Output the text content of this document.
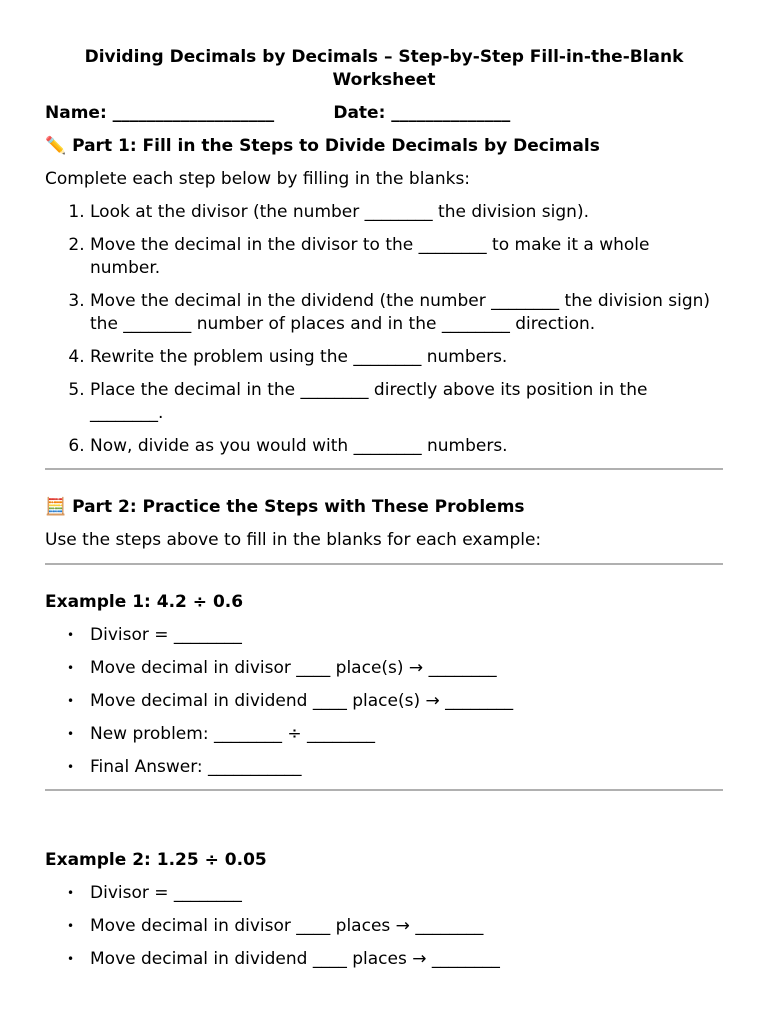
Dividing Decimals by Decimals – Step-by-Step Fill-in-the-Blank
Worksheet
Name: ___________________          Date: ______________
✏️ Part 1: Fill in the Steps to Divide Decimals by Decimals
Complete each step below by filling in the blanks:
1. Look at the divisor (the number ________ the division sign).
2. Move the decimal in the divisor to the ________ to make it a whole number.
3. Move the decimal in the dividend (the number ________ the division sign) the ________ number of places and in the ________ direction.
4. Rewrite the problem using the ________ numbers.
5. Place the decimal in the ________ directly above its position in the ________.
6. Now, divide as you would with ________ numbers.
🧮 Part 2: Practice the Steps with These Problems
Use the steps above to fill in the blanks for each example:
Example 1: 4.2 ÷ 0.6
• Divisor = ________
• Move decimal in divisor ____ place(s) → ________
• Move decimal in dividend ____ place(s) → ________
• New problem: ________ ÷ ________
• Final Answer: ___________
Example 2: 1.25 ÷ 0.05
• Divisor = ________
• Move decimal in divisor ____ places → ________
• Move decimal in dividend ____ places → ________
